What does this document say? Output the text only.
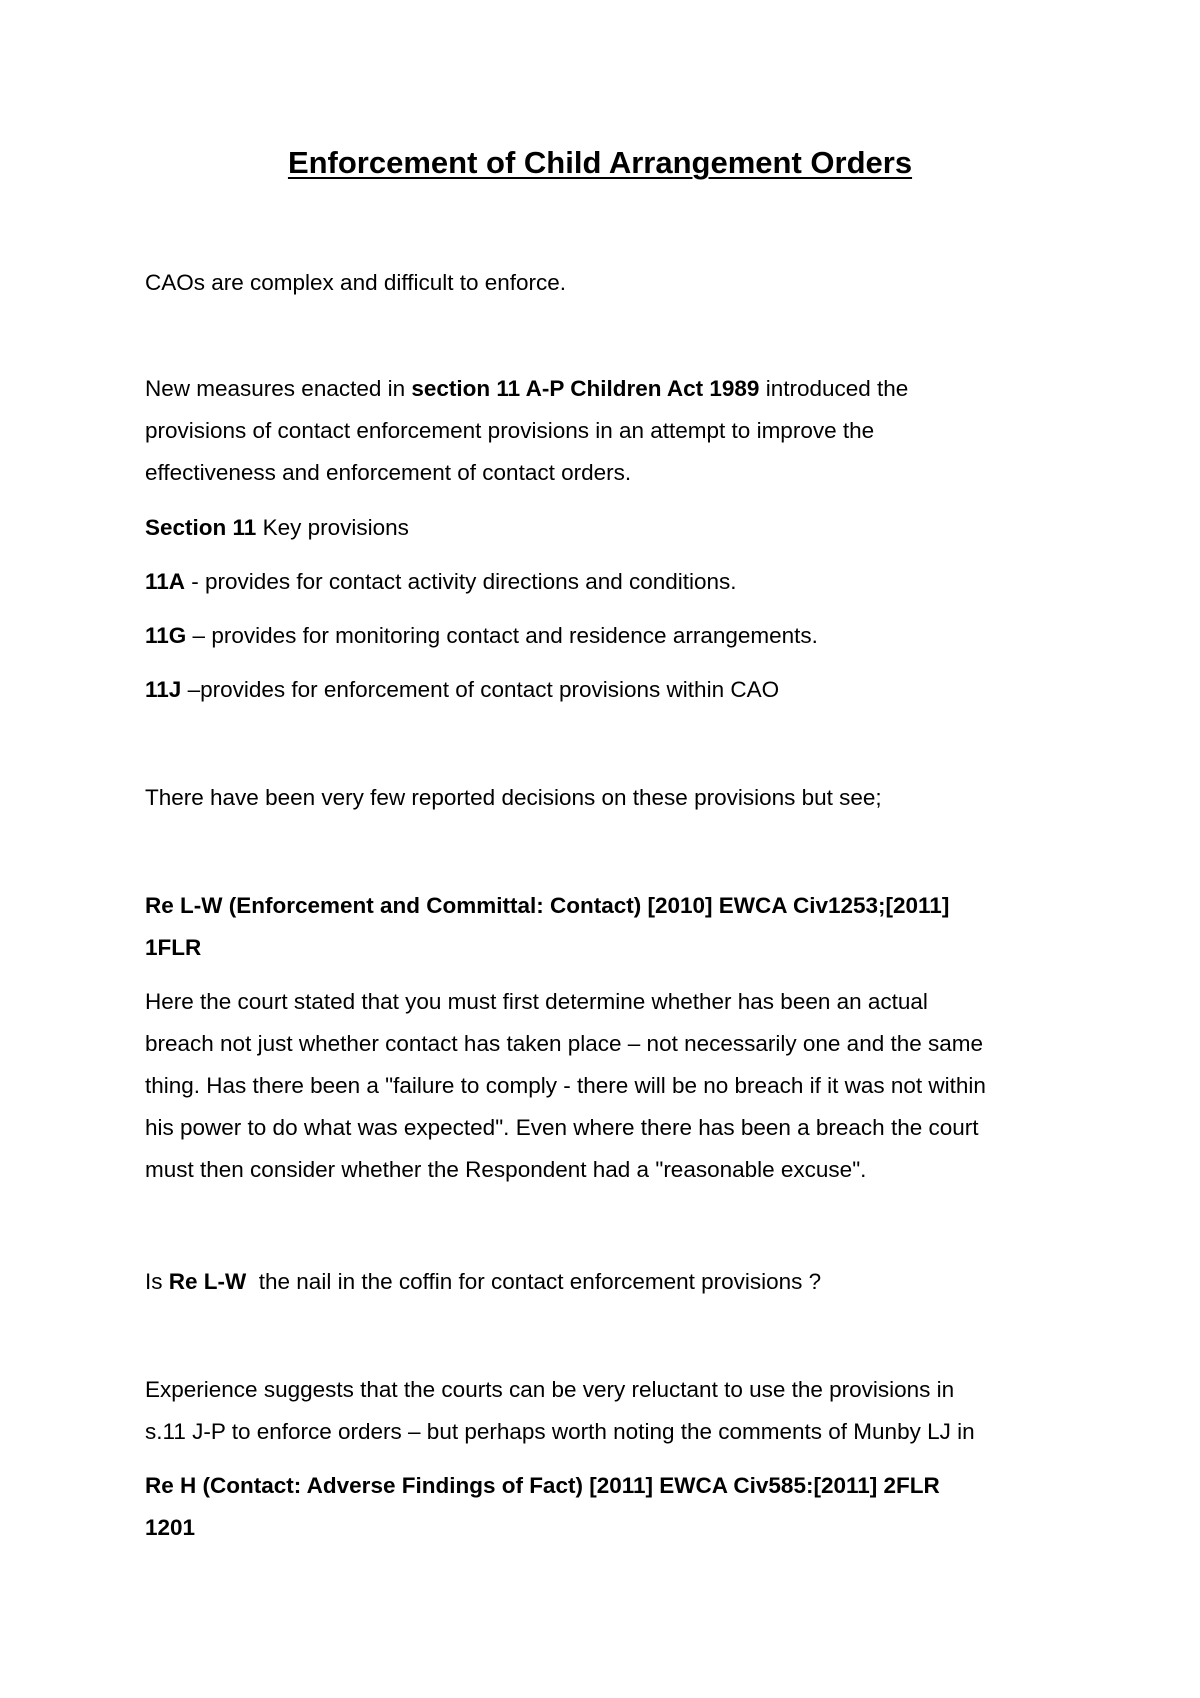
Enforcement of Child Arrangement Orders

CAOs are complex and difficult to enforce.

New measures enacted in section 11 A-P Children Act 1989 introduced the
provisions of contact enforcement provisions in an attempt to improve the
effectiveness and enforcement of contact orders.

Section 11 Key provisions

11A - provides for contact activity directions and conditions.

11G – provides for monitoring contact and residence arrangements.

11J –provides for enforcement of contact provisions within CAO

There have been very few reported decisions on these provisions but see;

Re L-W (Enforcement and Committal: Contact) [2010] EWCA Civ1253;[2011]
1FLR

Here the court stated that you must first determine whether has been an actual
breach not just whether contact has taken place – not necessarily one and the same
thing. Has there been a "failure to comply - there will be no breach if it was not within
his power to do what was expected". Even where there has been a breach the court
must then consider whether the Respondent had a "reasonable excuse".

Is Re L-W  the nail in the coffin for contact enforcement provisions ?

Experience suggests that the courts can be very reluctant to use the provisions in
s.11 J-P to enforce orders – but perhaps worth noting the comments of Munby LJ in

Re H (Contact: Adverse Findings of Fact) [2011] EWCA Civ585:[2011] 2FLR
1201
